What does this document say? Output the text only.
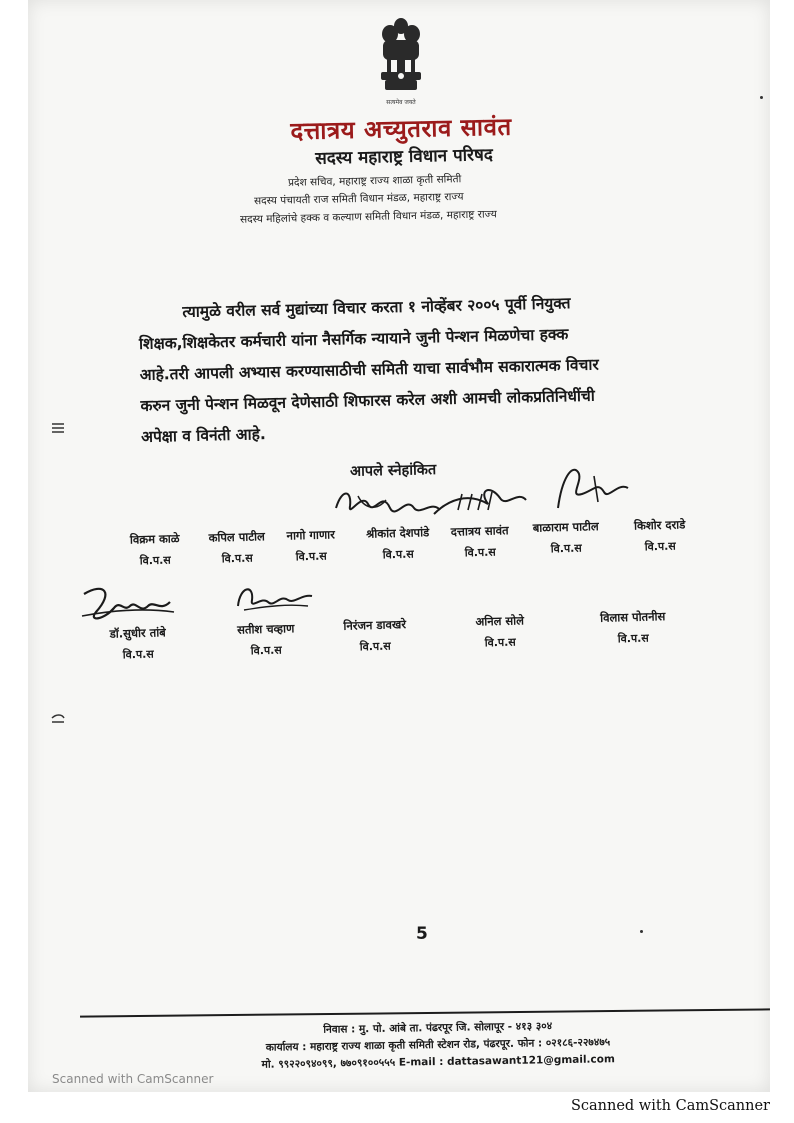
सत्यमेव जयते
दत्तात्रय अच्युतराव सावंत
सदस्य महाराष्ट्र विधान परिषद
प्रदेश सचिव, महाराष्ट्र राज्य शाळा कृती समिती
सदस्य पंचायती राज समिती विधान मंडळ, महाराष्ट्र राज्य
सदस्य महिलांचे हक्क व कल्याण समिती विधान मंडळ, महाराष्ट्र राज्य
त्यामुळे वरील सर्व मुद्यांच्या विचार करता १ नोव्हेंबर २००५ पूर्वी नियुक्त
शिक्षक,शिक्षकेतर कर्मचारी यांना नैसर्गिक न्यायाने जुनी पेन्शन मिळणेचा हक्क
आहे.तरी आपली अभ्यास करण्यासाठीची समिती याचा सार्वभौम सकारात्मक विचार
करुन जुनी पेन्शन मिळवून देणेसाठी शिफारस करेल अशी आमची लोकप्रतिनिधींची
अपेक्षा व विनंती आहे.
आपले स्नेहांकित
विक्रम काळे
वि.प.स
कपिल पाटील
वि.प.स
नागो गाणार
वि.प.स
श्रीकांत देशपांडे
वि.प.स
दत्तात्रय सावंत
वि.प.स
बाळाराम पाटील
वि.प.स
किशोर दराडे
वि.प.स
डॉ.सुधीर तांबे
वि.प.स
सतीश चव्हाण
वि.प.स
निरंजन डावखरे
वि.प.स
अनिल सोले
वि.प.स
विलास पोतनीस
वि.प.स
5
निवास : मु. पो. आंबे ता. पंढरपूर जि. सोलापूर - ४१३ ३०४
कार्यालय : महाराष्ट्र राज्य शाळा कृती समिती स्टेशन रोड, पंढरपूर. फोन : ०२१८६-२२७४७५
मो. ९९२२०९४०९९, ७७०९१००५५५ E-mail : dattasawant121@gmail.com
Scanned with CamScanner
Scanned with CamScanner
